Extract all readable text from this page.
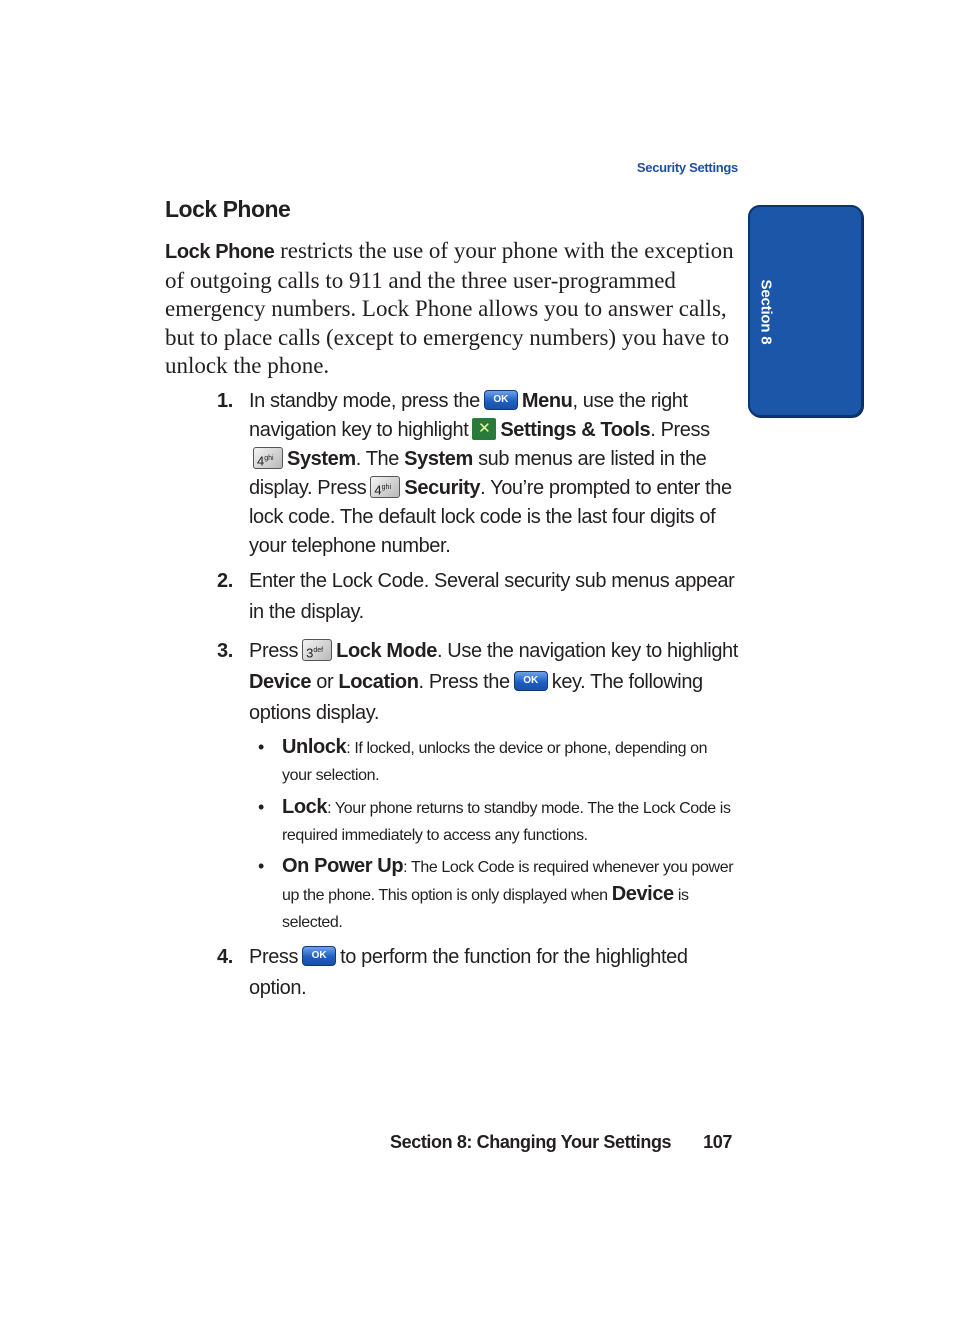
Security Settings
Section 8
Lock Phone
Lock Phone restricts the use of your phone with the exception of outgoing calls to 911 and the three user-programmed emergency numbers. Lock Phone allows you to answer calls, but to place calls (except to emergency numbers) you have to unlock the phone.
1. In standby mode, press the OK Menu, use the right navigation key to highlight ✕ Settings & Tools. Press $4^{ghi}$ System. The System sub menus are listed in the display. Press $4^{ghi}$ Security. You’re prompted to enter the lock code. The default lock code is the last four digits of your telephone number.
2. Enter the Lock Code. Several security sub menus appear in the display.
3. Press $3^{def}$ Lock Mode. Use the navigation key to highlight Device or Location. Press the OK key. The following options display.
• Unlock: If locked, unlocks the device or phone, depending on your selection.
• Lock: Your phone returns to standby mode. The the Lock Code is required immediately to access any functions.
• On Power Up: The Lock Code is required whenever you power up the phone. This option is only displayed when Device is selected.
4. Press OK to perform the function for the highlighted option.
Section 8: Changing Your Settings 107
